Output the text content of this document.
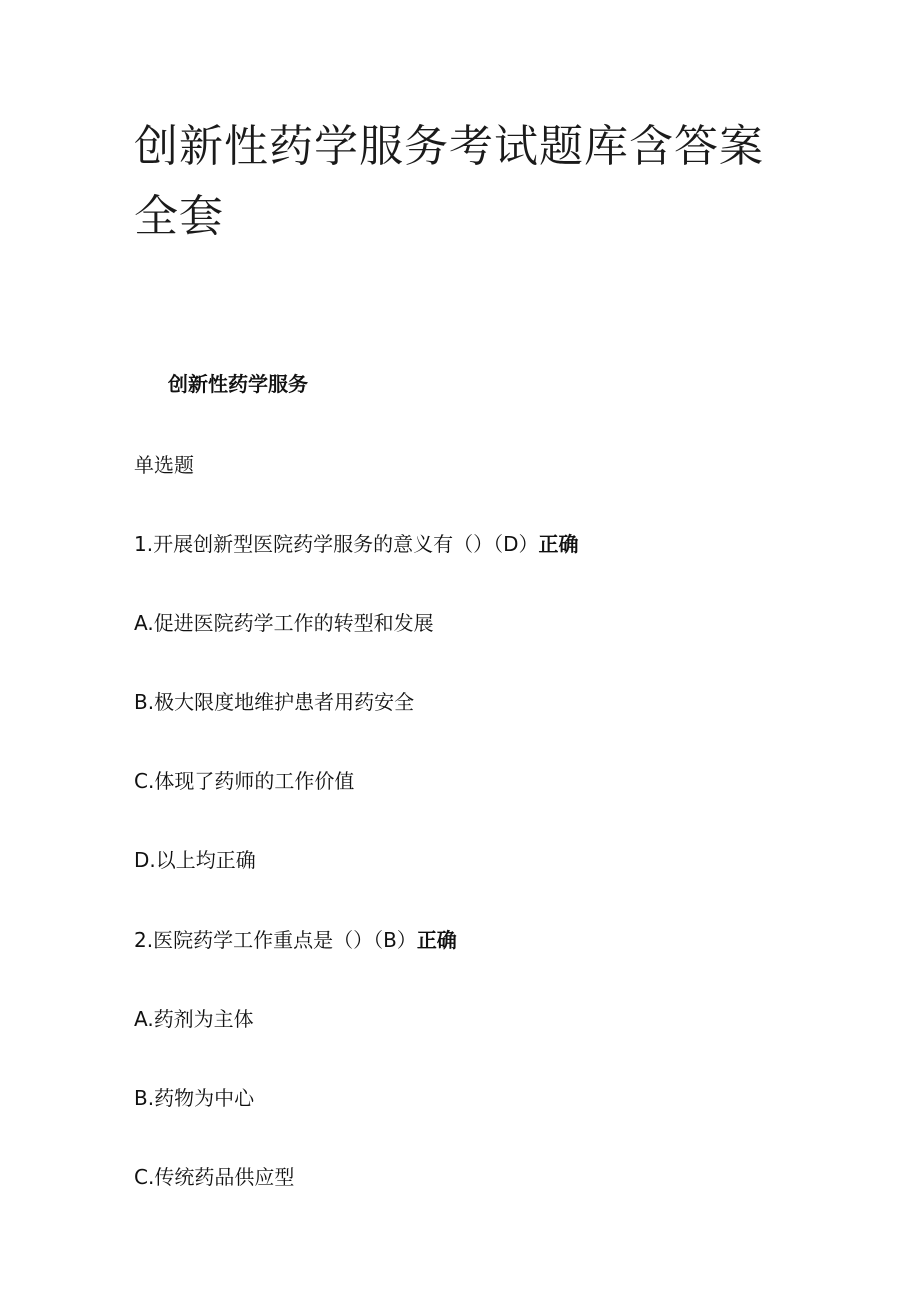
创新性药学服务考试题库含答案全套
创新性药学服务

单选题

1.开展创新型医院药学服务的意义有（）（D）正确

A.促进医院药学工作的转型和发展

B.极大限度地维护患者用药安全

C.体现了药师的工作价值

D.以上均正确

2.医院药学工作重点是（）（B）正确

A.药剂为主体

B.药物为中心

C.传统药品供应型
